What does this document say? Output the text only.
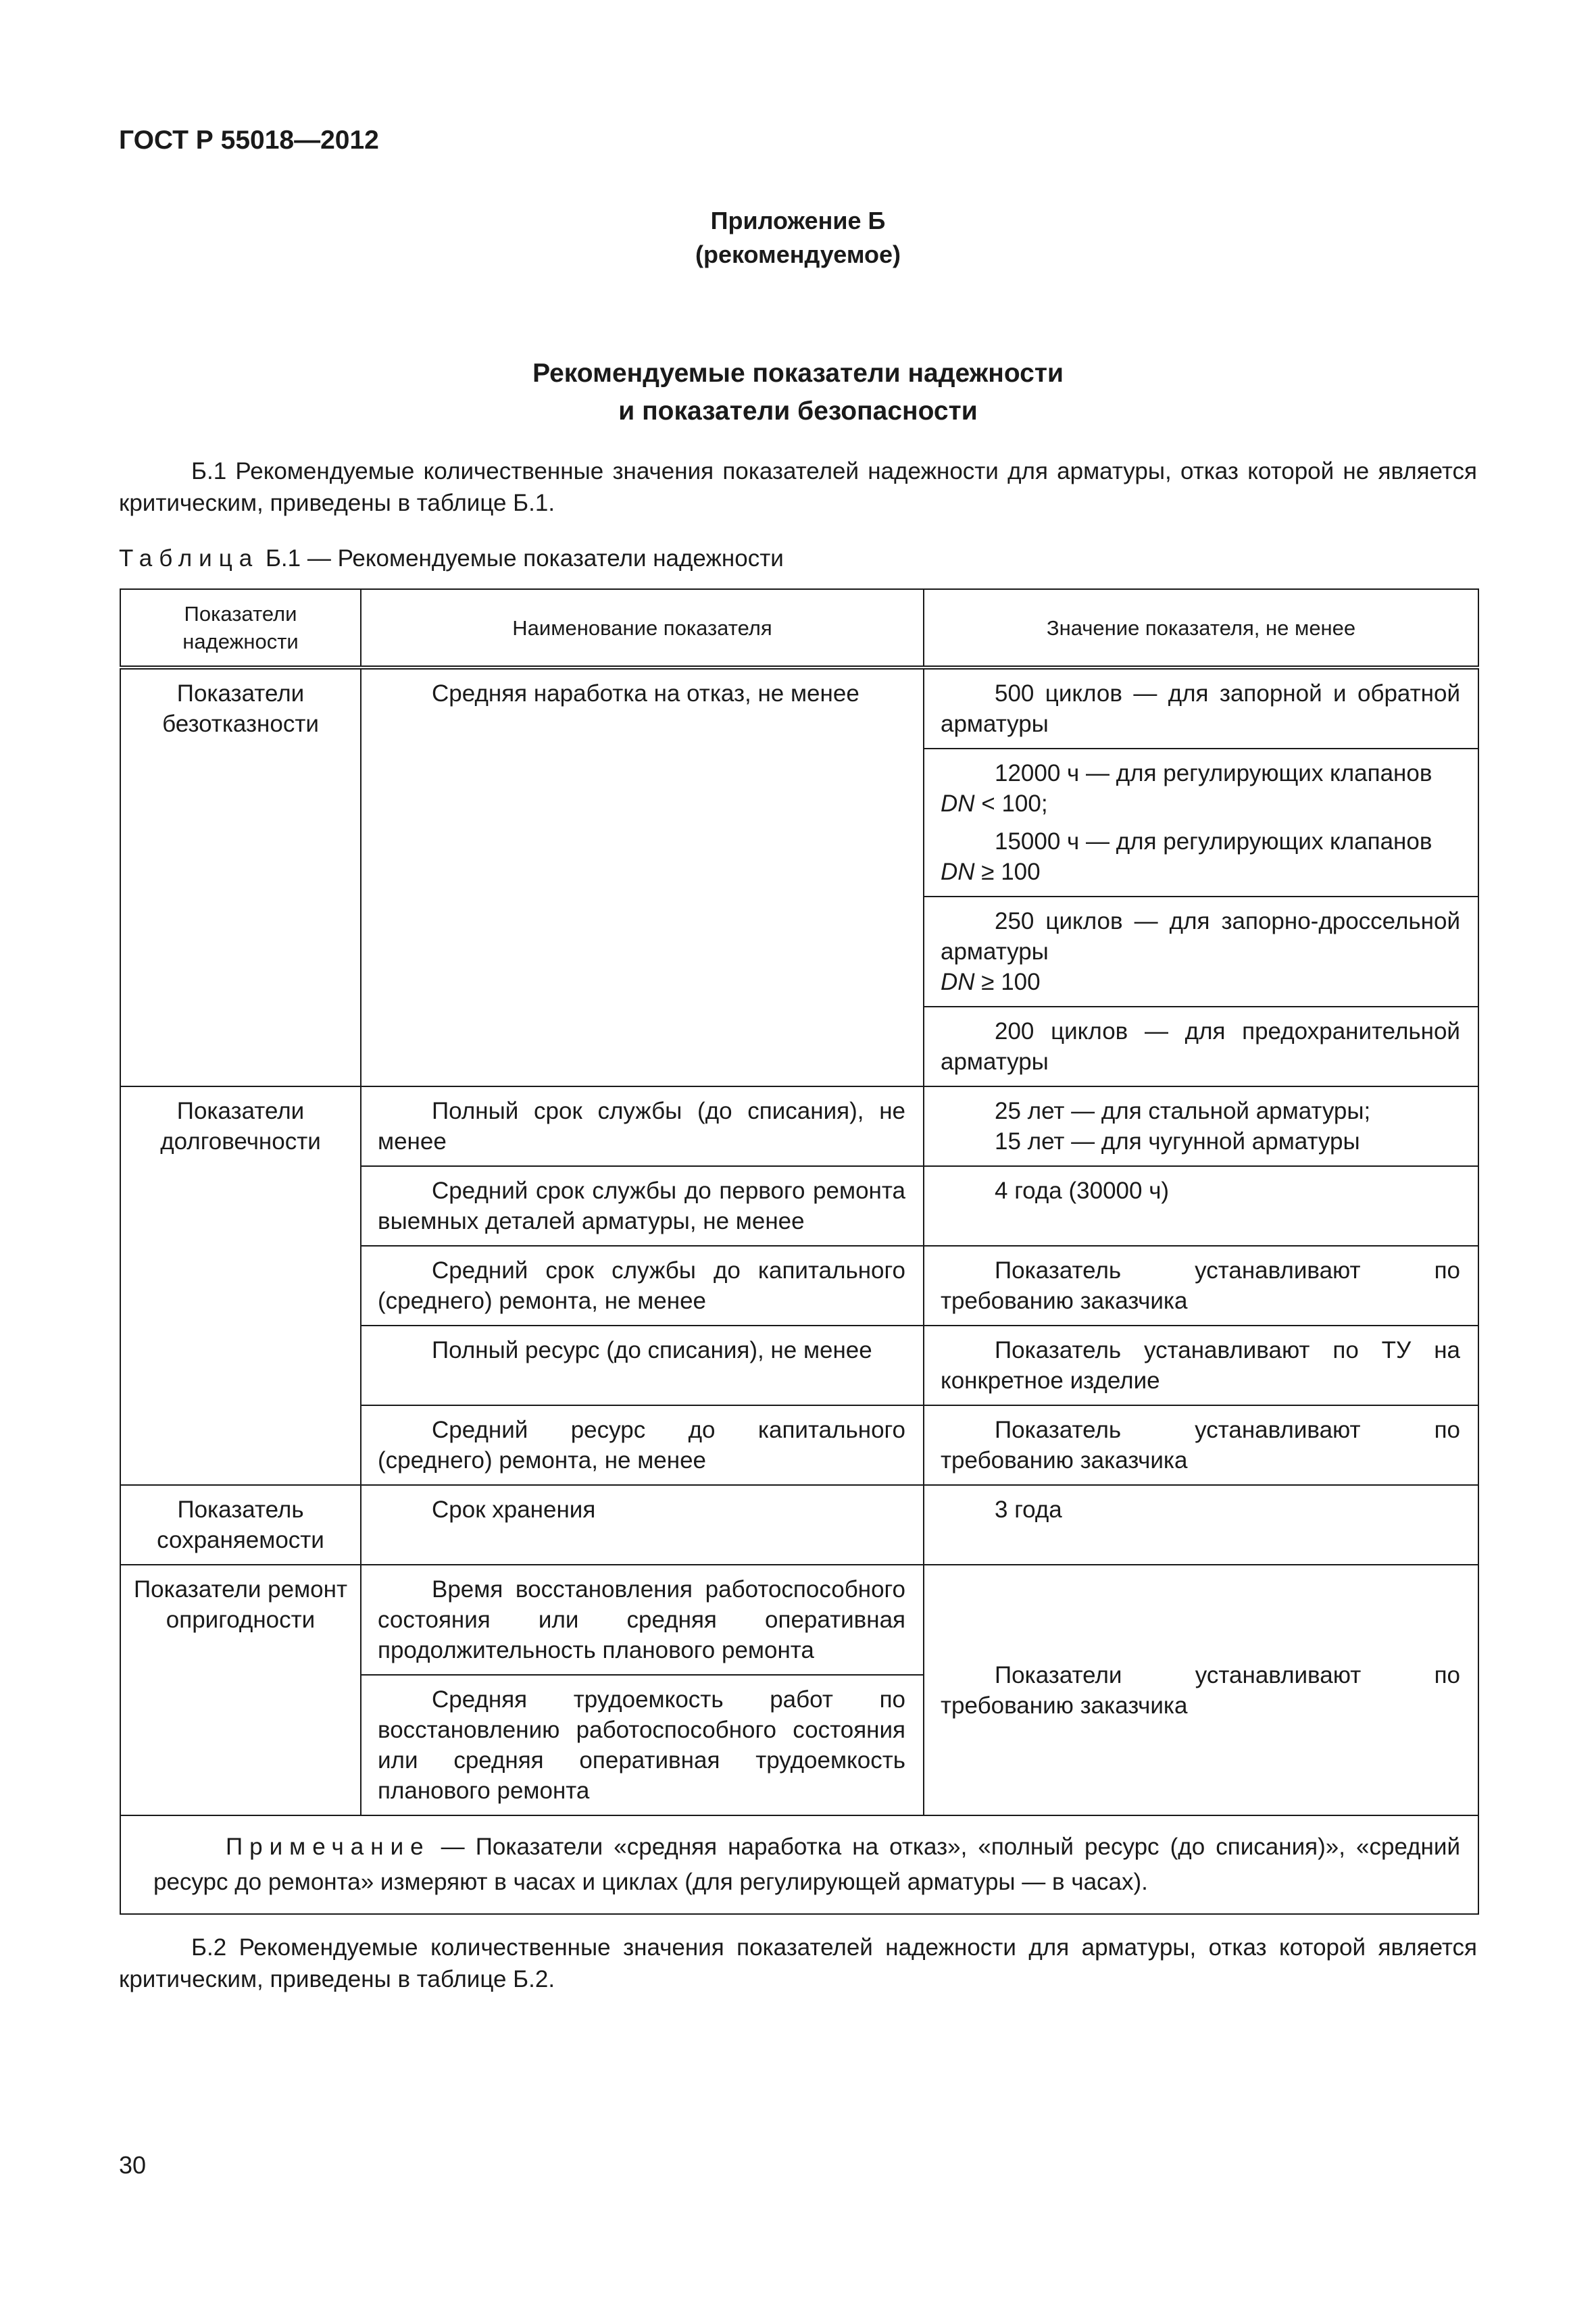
ГОСТ Р 55018—2012
Приложение Б
(рекомендуемое)
Рекомендуемые показатели надежности
и показатели безопасности
Б.1 Рекомендуемые количественные значения показателей надежности для арматуры, отказ которой не является критическим, приведены в таблице Б.1.
Таблица Б.1 — Рекомендуемые показатели надежности
Показатели надежности	Наименование показателя	Значение показателя, не менее
Показатели безотказности	Средняя наработка на отказ, не менее	500 циклов — для запорной и обратной арматуры

		12000 ч — для регулирующих клапанов
DN < 100;
15000 ч — для регулирующих клапанов
DN ≥ 100

		250 циклов — для запорно-дроссельной арматуры
DN ≥ 100

		200 циклов — для предохранительной арматуры

Показатели долговечности	Полный срок службы (до списания), не менее	25 лет — для стальной арматуры;
15 лет — для чугунной арматуры

	Средний срок службы до первого ремонта выемных деталей арматуры, не менее	4 года (30000 ч)

	Средний срок службы до капитального (среднего) ремонта, не менее	Показатель устанавливают по требованию заказчика

	Полный ресурс (до списания), не менее	Показатель устанавливают по ТУ на конкретное изделие

	Средний ресурс до капитального (среднего) ремонта, не менее	Показатель устанавливают по требованию заказчика

Показатель сохраняемости	Срок хранения	3 года

Показатели ремонтопригодности	Время восстановления работоспособного состояния или средняя оперативная продолжительность планового ремонта	Показатели устанавливают по требованию заказчика

	Средняя трудоемкость работ по восстановлению работоспособного состояния или средняя оперативная трудоемкость планового ремонта	

Примечание — Показатели «средняя наработка на отказ», «полный ресурс (до списания)», «средний ресурс до ремонта» измеряют в часах и циклах (для регулирующей арматуры — в часах).		
Б.2 Рекомендуемые количественные значения показателей надежности для арматуры, отказ которой является критическим, приведены в таблице Б.2.
30
